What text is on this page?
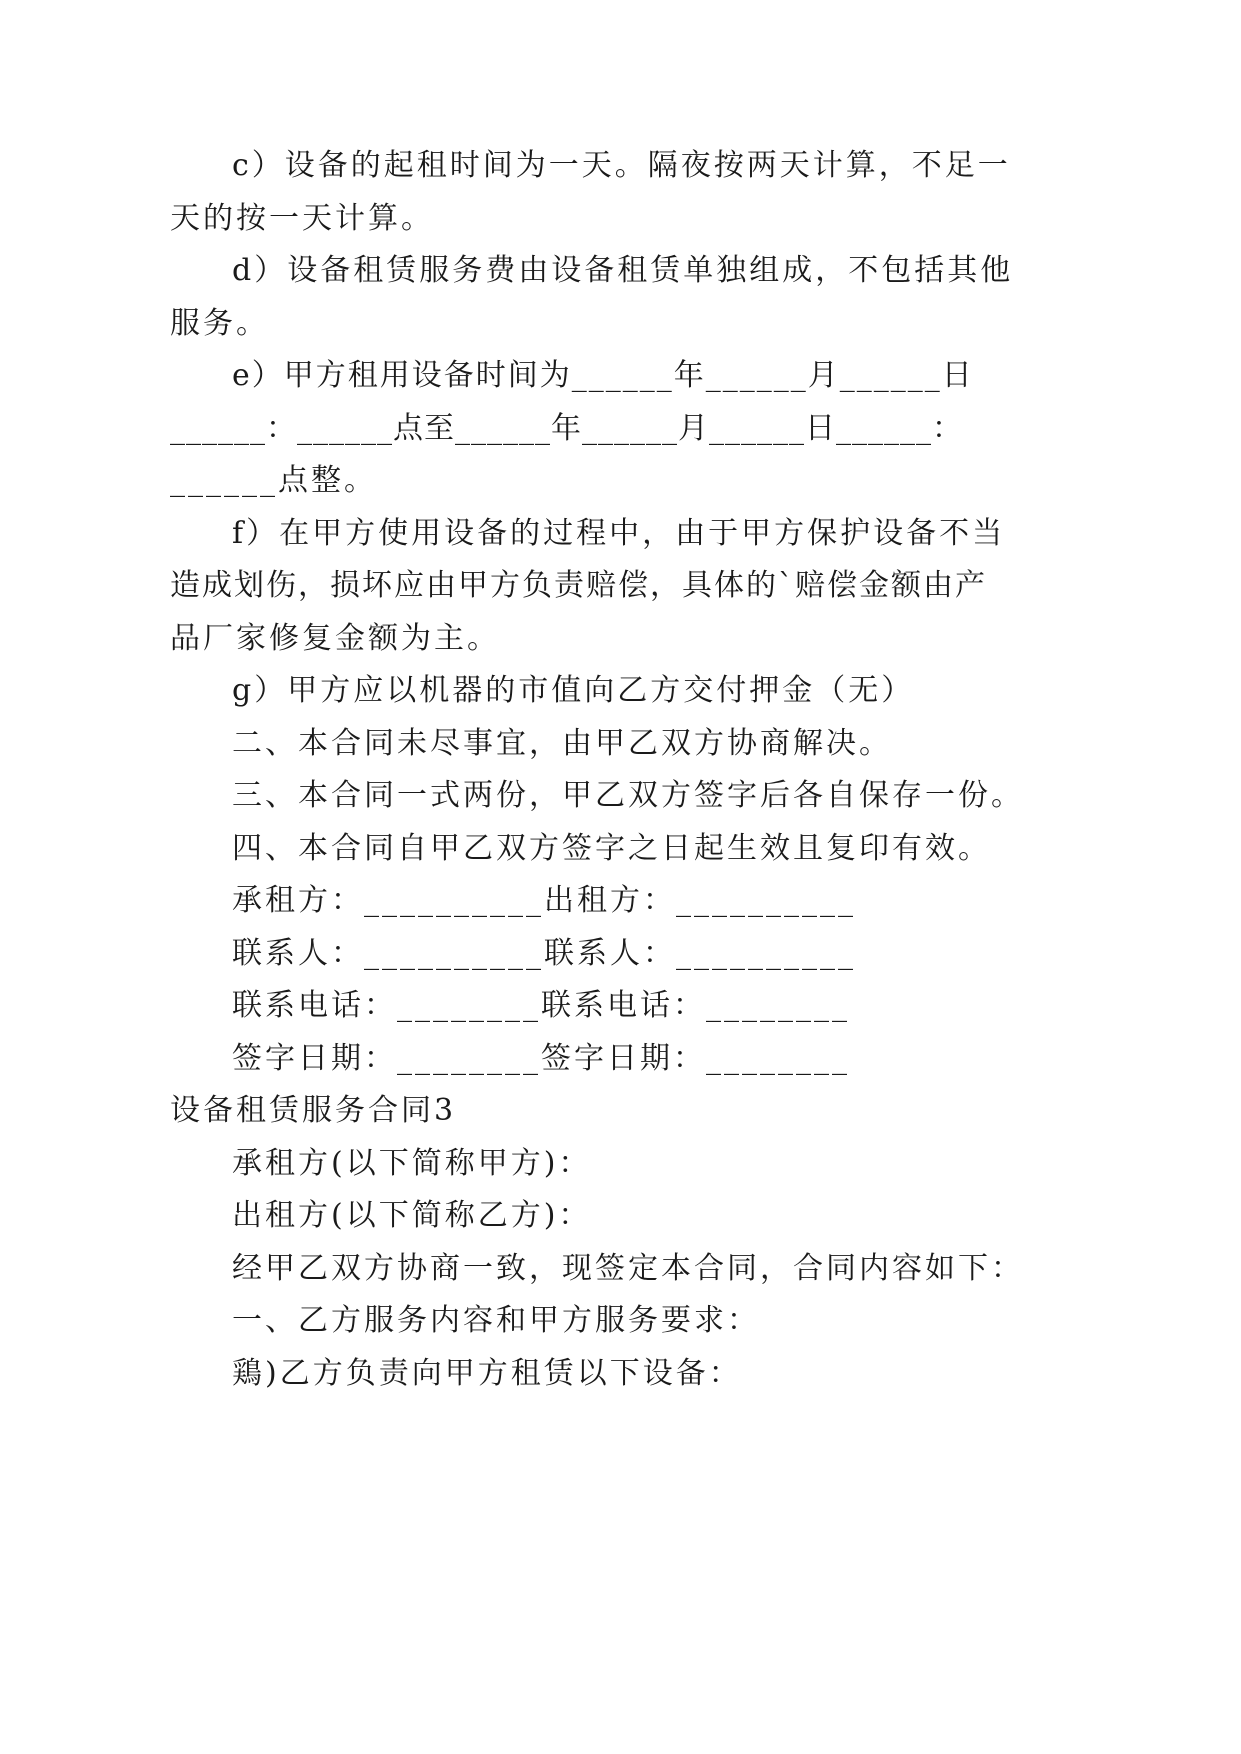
c）设备的起租时间为一天。隔夜按两天计算，不足一
天的按一天计算。
d）设备租赁服务费由设备租赁单独组成，不包括其他
服务。
e）甲方租用设备时间为______年______月______日
______：______点至______年______月______日______：
______点整。
f）在甲方使用设备的过程中，由于甲方保护设备不当
造成划伤，损坏应由甲方负责赔偿，具体的`赔偿金额由产
品厂家修复金额为主。
g）甲方应以机器的市值向乙方交付押金（无）
二、本合同未尽事宜，由甲乙双方协商解决。
三、本合同一式两份，甲乙双方签字后各自保存一份。
四、本合同自甲乙双方签字之日起生效且复印有效。
承租方：__________出租方：__________
联系人：__________联系人：__________
联系电话：________联系电话：________
签字日期：________签字日期：________
设备租赁服务合同3
承租方(以下简称甲方)：
出租方(以下简称乙方)：
经甲乙双方协商一致，现签定本合同，合同内容如下：
一、乙方服务内容和甲方服务要求：
鶏)乙方负责向甲方租赁以下设备：
